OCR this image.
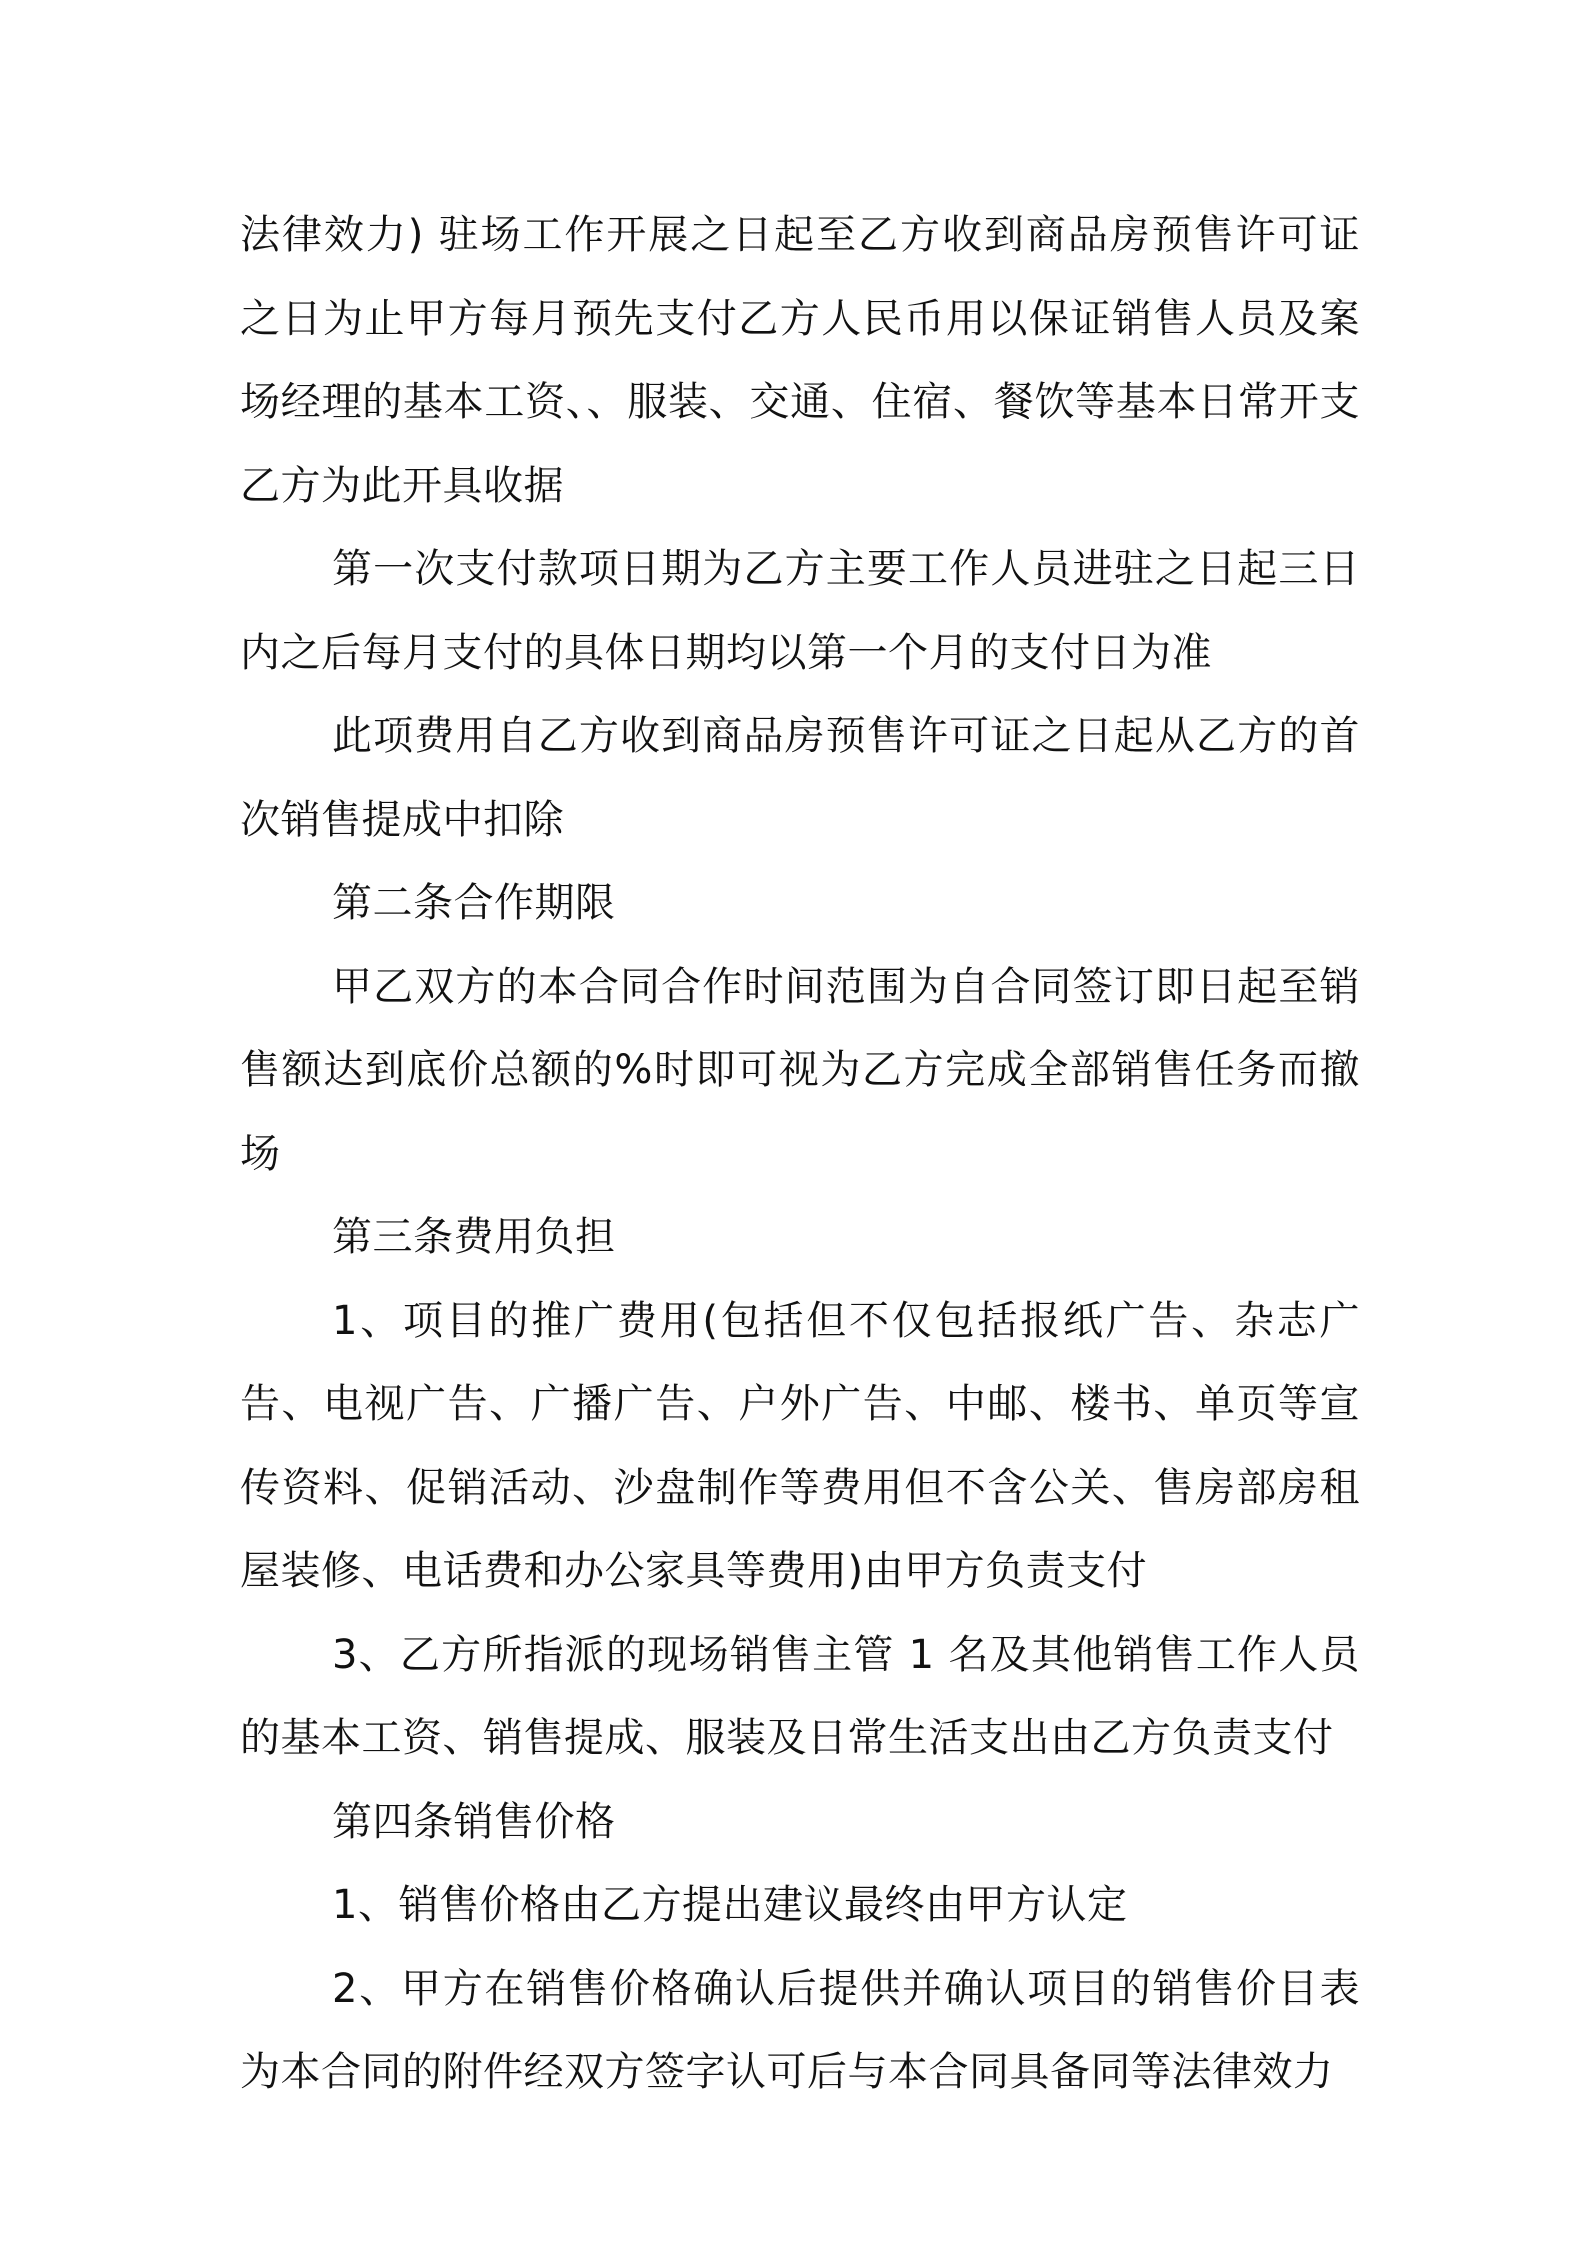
法律效力) 驻场工作开展之日起至乙方收到商品房预售许可证之日为止甲方每月预先支付乙方人民币用以保证销售人员及案场经理的基本工资、、服装、交通、住宿、餐饮等基本日常开支乙方为此开具收据

第一次支付款项日期为乙方主要工作人员进驻之日起三日内之后每月支付的具体日期均以第一个月的支付日为准

此项费用自乙方收到商品房预售许可证之日起从乙方的首次销售提成中扣除

第二条合作期限

甲乙双方的本合同合作时间范围为自合同签订即日起至销售额达到底价总额的%时即可视为乙方完成全部销售任务而撤场

第三条费用负担

1、项目的推广费用(包括但不仅包括报纸广告、杂志广告、电视广告、广播广告、户外广告、中邮、楼书、单页等宣传资料、促销活动、沙盘制作等费用但不含公关、售房部房租屋装修、电话费和办公家具等费用)由甲方负责支付

3、乙方所指派的现场销售主管 1 名及其他销售工作人员的基本工资、销售提成、服装及日常生活支出由乙方负责支付

第四条销售价格

1、销售价格由乙方提出建议最终由甲方认定

2、甲方在销售价格确认后提供并确认项目的销售价目表为本合同的附件经双方签字认可后与本合同具备同等法律效力
